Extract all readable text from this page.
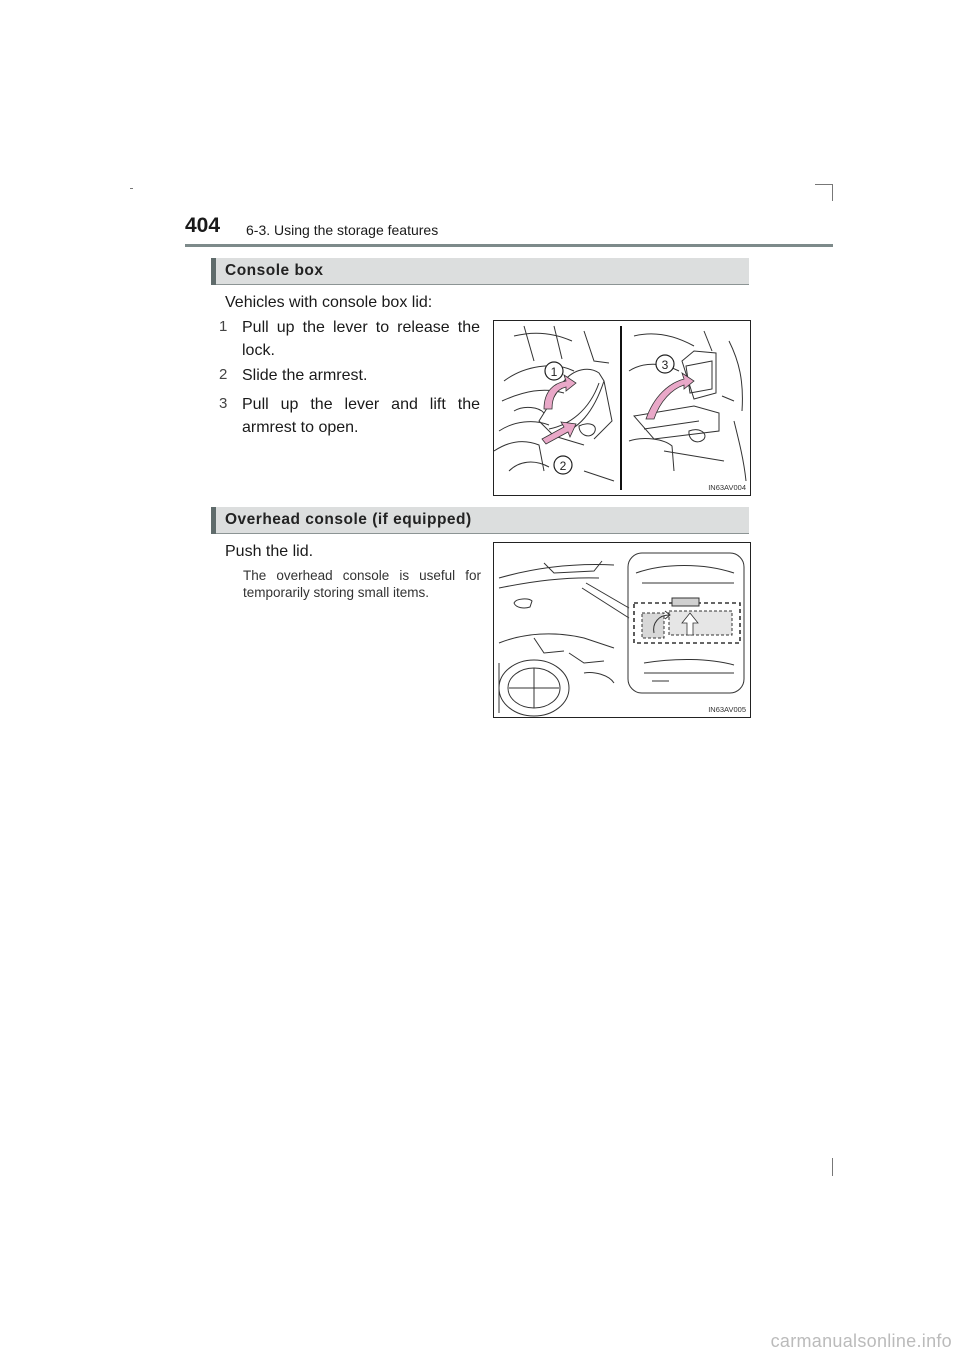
404 6-3. Using the storage features
Console box
Vehicles with console box lid:
1 Pull up the lever to release the lock.
2 Slide the armrest.
3 Pull up the lever and lift the armrest to open.
1
2
3
IN63AV004
Overhead console (if equipped)
Push the lid.
The overhead console is useful for temporarily storing small items.
IN63AV005
carmanualsonline.info
